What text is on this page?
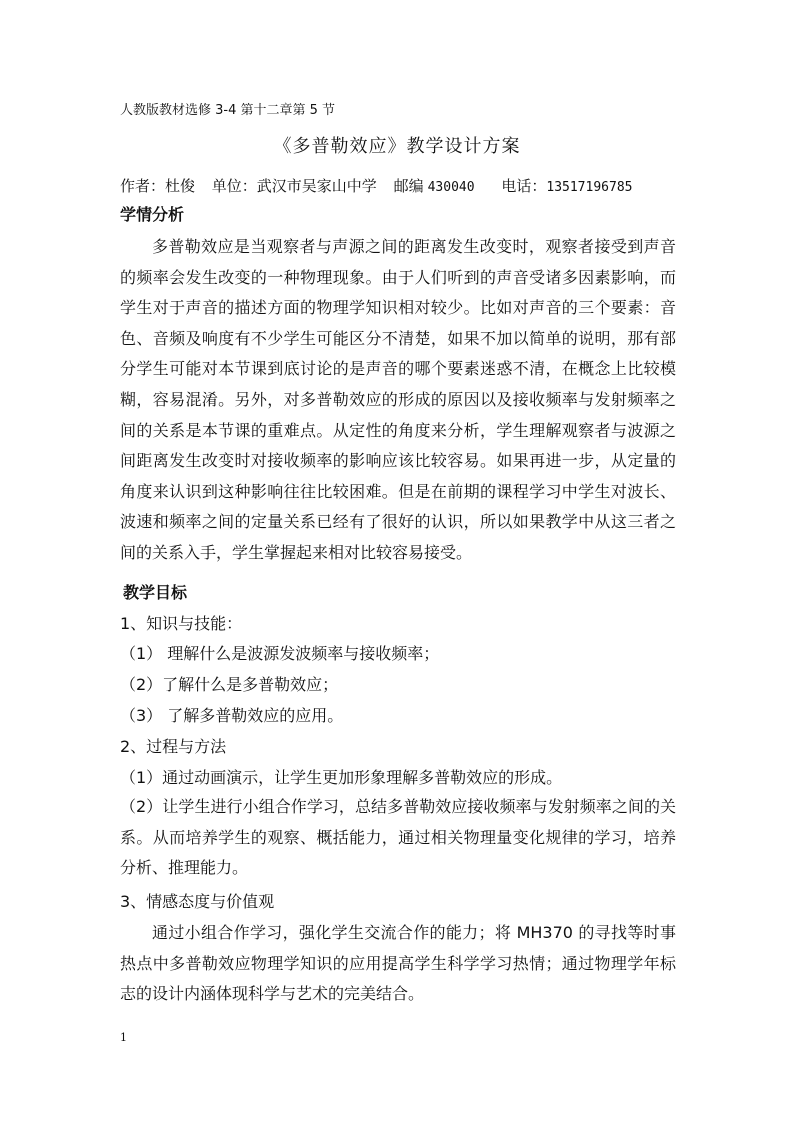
人教版教材选修 3-4 第十二章第 5 节
《多普勒效应》教学设计方案
作者：杜俊 单位：武汉市吴家山中学 邮编 430040 电话：13517196785
学情分析
多普勒效应是当观察者与声源之间的距离发生改变时，观察者接受到声音的频率会发生改变的一种物理现象。由于人们听到的声音受诸多因素影响，而学生对于声音的描述方面的物理学知识相对较少。比如对声音的三个要素：音色、音频及响度有不少学生可能区分不清楚，如果不加以简单的说明，那有部分学生可能对本节课到底讨论的是声音的哪个要素迷惑不清，在概念上比较模糊，容易混淆。另外，对多普勒效应的形成的原因以及接收频率与发射频率之间的关系是本节课的重难点。从定性的角度来分析，学生理解观察者与波源之间距离发生改变时对接收频率的影响应该比较容易。如果再进一步，从定量的角度来认识到这种影响往往比较困难。但是在前期的课程学习中学生对波长、波速和频率之间的定量关系已经有了很好的认识，所以如果教学中从这三者之间的关系入手，学生掌握起来相对比较容易接受。
教学目标
1、知识与技能：
（1） 理解什么是波源发波频率与接收频率；
（2）了解什么是多普勒效应；
（3） 了解多普勒效应的应用。
2、过程与方法
（1）通过动画演示，让学生更加形象理解多普勒效应的形成。
（2）让学生进行小组合作学习，总结多普勒效应接收频率与发射频率之间的关系。从而培养学生的观察、概括能力，通过相关物理量变化规律的学习，培养分析、推理能力。
3、情感态度与价值观
通过小组合作学习，强化学生交流合作的能力；将 MH370 的寻找等时事热点中多普勒效应物理学知识的应用提高学生科学学习热情；通过物理学年标志的设计内涵体现科学与艺术的完美结合。
1
